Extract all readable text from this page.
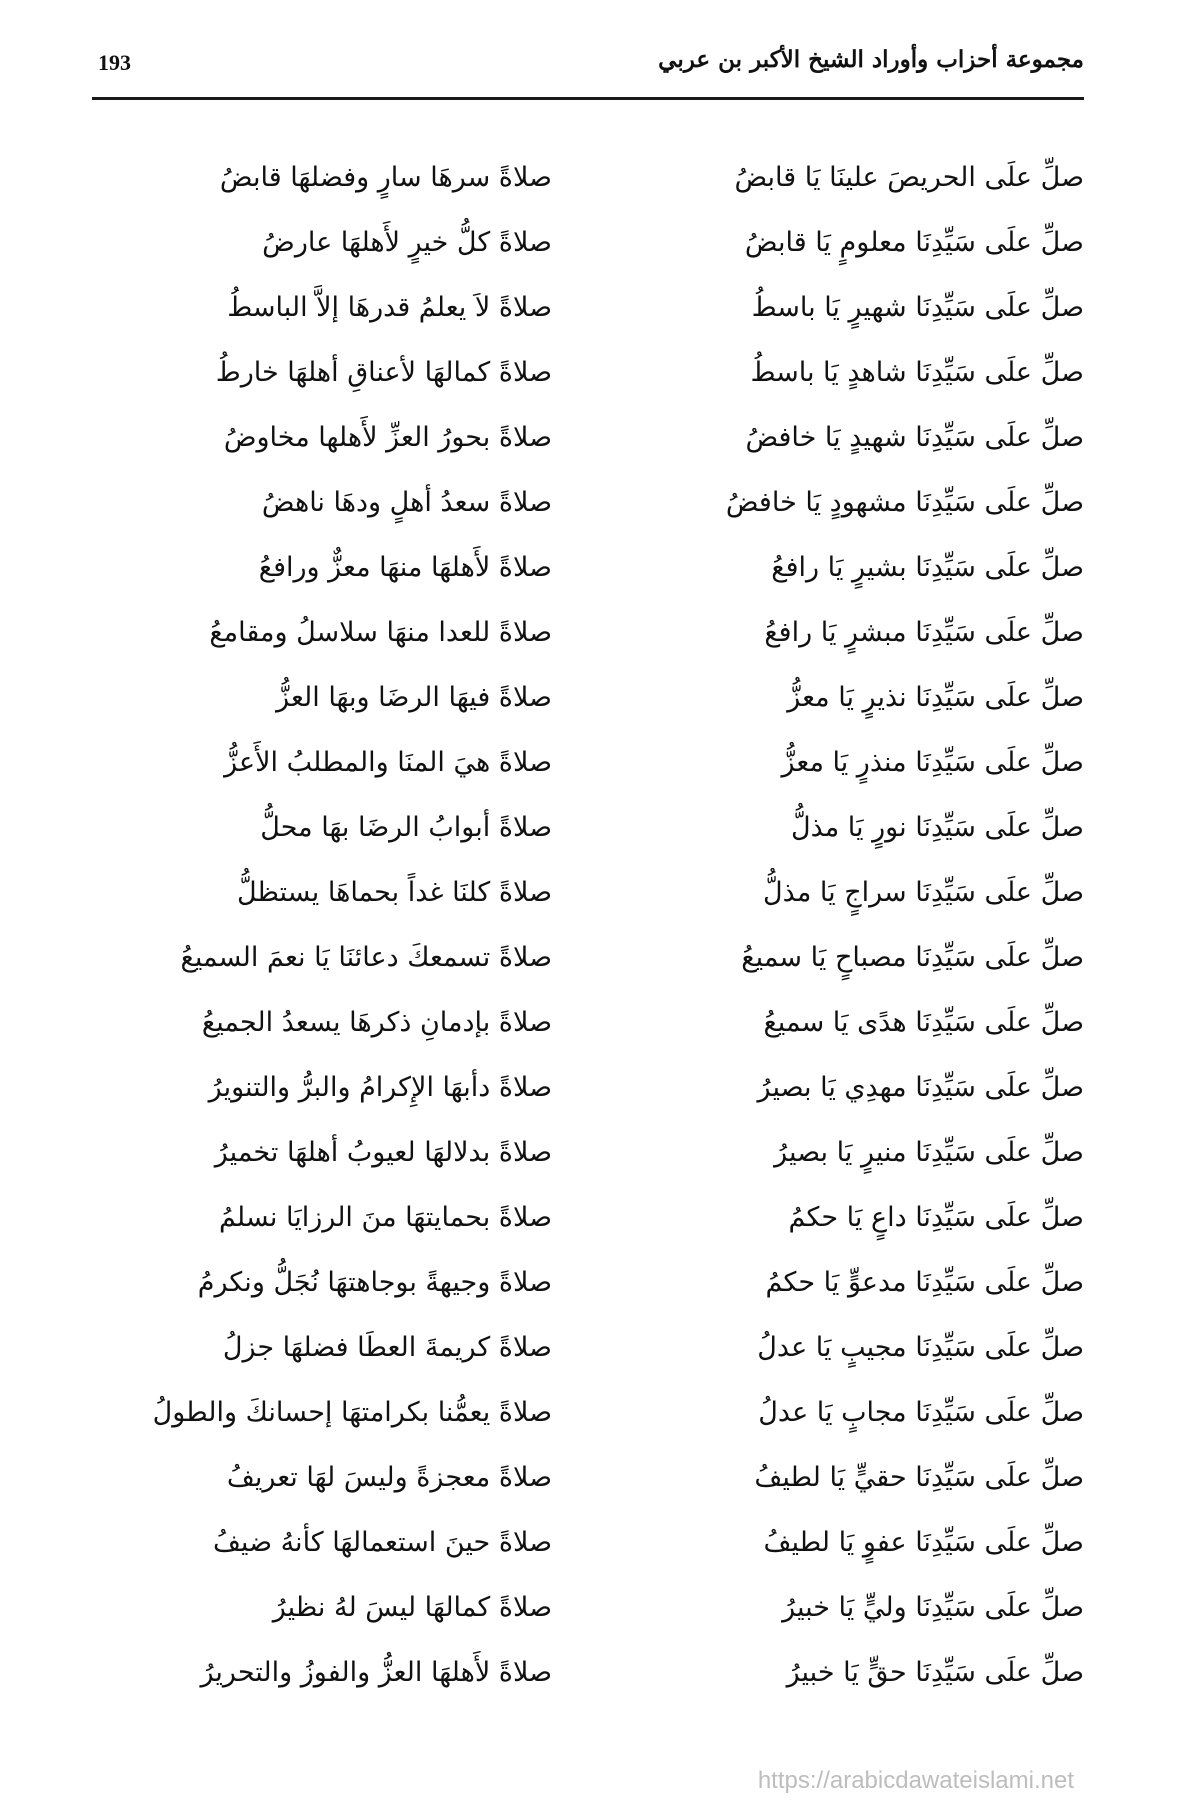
193	مجموعة أحزاب وأوراد الشيخ الأكبر بن عربي
صلِّ علَى الحريصَ علينَا يَا قابضُ
صلاةً سرهَا سارٍ وفضلهَا قابضُ
صلِّ علَى سَيِّدِنَا معلومٍ يَا قابضُ
صلاةً كلُّ خيرٍ لأَهلهَا عارضُ
صلِّ علَى سَيِّدِنَا شهيرٍ يَا باسطُ
صلاةً لاَ يعلمُ قدرهَا إلاَّ الباسطُ
صلِّ علَى سَيِّدِنَا شاهدٍ يَا باسطُ
صلاةً كمالهَا لأعناقِ أهلهَا خارطُ
صلِّ علَى سَيِّدِنَا شهيدٍ يَا خافضُ
صلاةً بحورُ العزِّ لأَهلها مخاوضُ
صلِّ علَى سَيِّدِنَا مشهودٍ يَا خافضُ
صلاةً سعدُ أهلٍ ودهَا ناهضُ
صلِّ علَى سَيِّدِنَا بشيرٍ يَا رافعُ
صلاةً لأَهلهَا منهَا معزٌّ ورافعُ
صلِّ علَى سَيِّدِنَا مبشرٍ يَا رافعُ
صلاةً للعدا منهَا سلاسلُ ومقامعُ
صلِّ علَى سَيِّدِنَا نذيرٍ يَا معزُّ
صلاةً فيهَا الرضَا وبهَا العزُّ
صلِّ علَى سَيِّدِنَا منذرٍ يَا معزُّ
صلاةً هيَ المنَا والمطلبُ الأَعزُّ
صلِّ علَى سَيِّدِنَا نورٍ يَا مذلُّ
صلاةً أبوابُ الرضَا بهَا محلُّ
صلِّ علَى سَيِّدِنَا سراجٍ يَا مذلُّ
صلاةً كلنَا غداً بحماهَا يستظلُّ
صلِّ علَى سَيِّدِنَا مصباحٍ يَا سميعُ
صلاةً تسمعكَ دعائنَا يَا نعمَ السميعُ
صلِّ علَى سَيِّدِنَا هدًى يَا سميعُ
صلاةً بإدمانِ ذكرهَا يسعدُ الجميعُ
صلِّ علَى سَيِّدِنَا مهدِي يَا بصيرُ
صلاةً دأبهَا الإِكرامُ والبرُّ والتنويرُ
صلِّ علَى سَيِّدِنَا منيرٍ يَا بصيرُ
صلاةً بدلالهَا لعيوبُ أهلهَا تخميرُ
صلِّ علَى سَيِّدِنَا داعٍ يَا حكمُ
صلاةً بحمايتهَا منَ الرزايَا نسلمُ
صلِّ علَى سَيِّدِنَا مدعوٍّ يَا حكمُ
صلاةً وجيهةً بوجاهتهَا نُجَلُّ ونكرمُ
صلِّ علَى سَيِّدِنَا مجيبٍ يَا عدلُ
صلاةً كريمةَ العطَا فضلهَا جزلُ
صلِّ علَى سَيِّدِنَا مجابٍ يَا عدلُ
صلاةً يعمُّنا بكرامتهَا إحسانكَ والطولُ
صلِّ علَى سَيِّدِنَا حقيٍّ يَا لطيفُ
صلاةً معجزةً وليسَ لهَا تعريفُ
صلِّ علَى سَيِّدِنَا عفوٍ يَا لطيفُ
صلاةً حينَ استعمالهَا كأنهُ ضيفُ
صلِّ علَى سَيِّدِنَا وليٍّ يَا خبيرُ
صلاةً كمالهَا ليسَ لهُ نظيرُ
صلِّ علَى سَيِّدِنَا حقٍّ يَا خبيرُ
صلاةً لأَهلهَا العزُّ والفوزُ والتحريرُ
https://arabicdawateislami.net
